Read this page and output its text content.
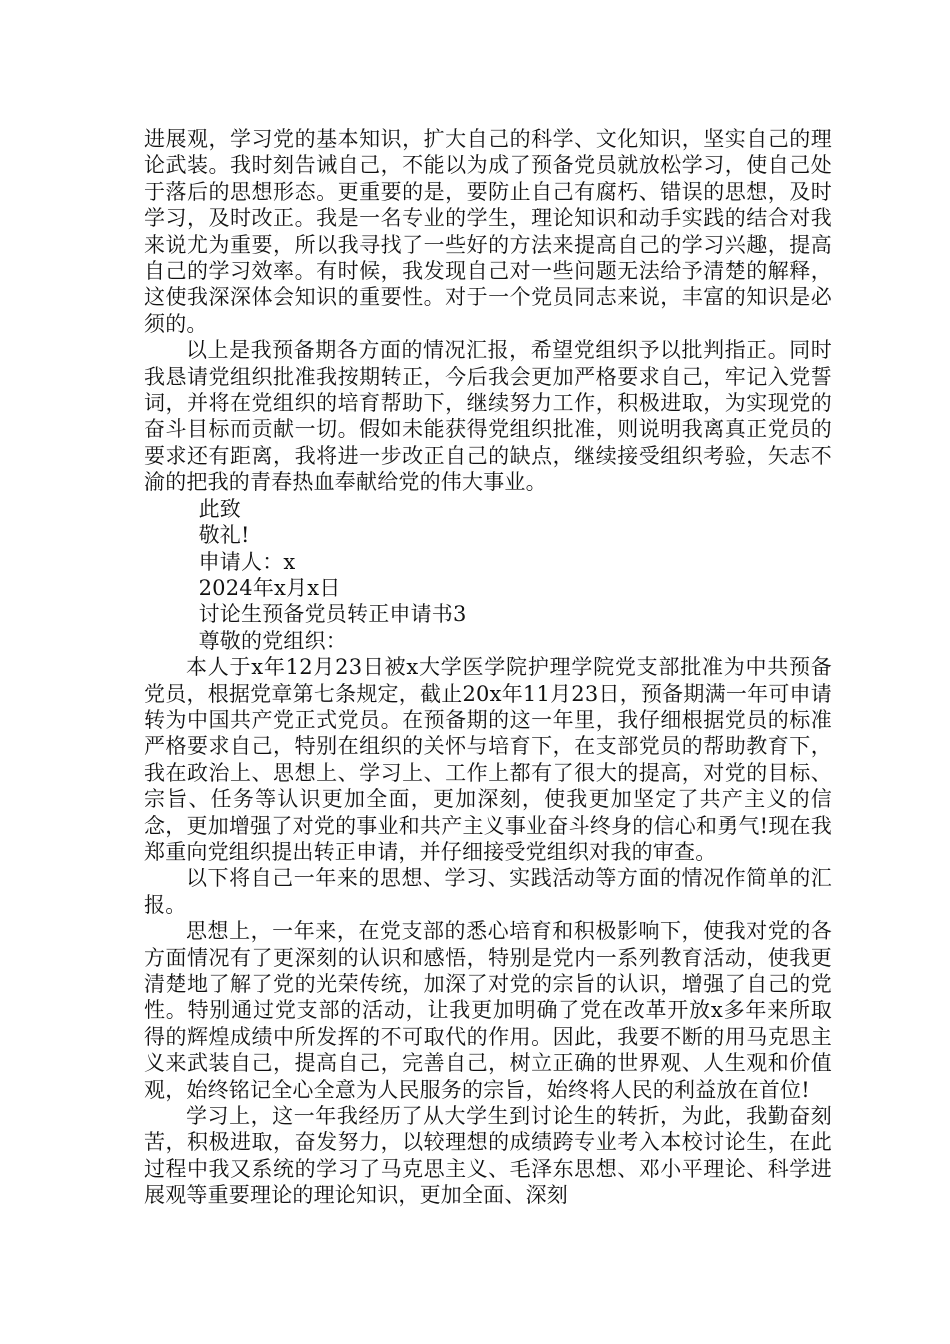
进展观，学习党的基本知识，扩大自己的科学、文化知识，坚实自己的理论武装。我时刻告诫自己，不能以为成了预备党员就放松学习，使自己处于落后的思想形态。更重要的是，要防止自己有腐朽、错误的思想，及时学习，及时改正。我是一名专业的学生，理论知识和动手实践的结合对我来说尤为重要，所以我寻找了一些好的方法来提高自己的学习兴趣，提高自己的学习效率。有时候，我发现自己对一些问题无法给予清楚的解释，这使我深深体会知识的重要性。对于一个党员同志来说，丰富的知识是必须的。

以上是我预备期各方面的情况汇报，希望党组织予以批判指正。同时我恳请党组织批准我按期转正，今后我会更加严格要求自己，牢记入党誓词，并将在党组织的培育帮助下，继续努力工作，积极进取，为实现党的奋斗目标而贡献一切。假如未能获得党组织批准，则说明我离真正党员的要求还有距离，我将进一步改正自己的缺点，继续接受组织考验，矢志不渝的把我的青春热血奉献给党的伟大事业。

此致

敬礼!

申请人：x

2024年x月x日

讨论生预备党员转正申请书3

尊敬的党组织：

本人于x年12月23日被x大学医学院护理学院党支部批准为中共预备党员，根据党章第七条规定，截止20x年11月23日，预备期满一年可申请转为中国共产党正式党员。在预备期的这一年里，我仔细根据党员的标准严格要求自己，特别在组织的关怀与培育下，在支部党员的帮助教育下，我在政治上、思想上、学习上、工作上都有了很大的提高，对党的目标、宗旨、任务等认识更加全面，更加深刻，使我更加坚定了共产主义的信念，更加增强了对党的事业和共产主义事业奋斗终身的信心和勇气!现在我郑重向党组织提出转正申请，并仔细接受党组织对我的审查。

以下将自己一年来的思想、学习、实践活动等方面的情况作简单的汇报。

思想上，一年来，在党支部的悉心培育和积极影响下，使我对党的各方面情况有了更深刻的认识和感悟，特别是党内一系列教育活动，使我更清楚地了解了党的光荣传统，加深了对党的宗旨的认识，增强了自己的党性。特别通过党支部的活动，让我更加明确了党在改革开放x多年来所取得的辉煌成绩中所发挥的不可取代的作用。因此，我要不断的用马克思主义来武装自己，提高自己，完善自己，树立正确的世界观、人生观和价值观，始终铭记全心全意为人民服务的宗旨，始终将人民的利益放在首位!

学习上，这一年我经历了从大学生到讨论生的转折，为此，我勤奋刻苦，积极进取，奋发努力，以较理想的成绩跨专业考入本校讨论生，在此过程中我又系统的学习了马克思主义、毛泽东思想、邓小平理论、科学进展观等重要理论的理论知识，更加全面、深刻
